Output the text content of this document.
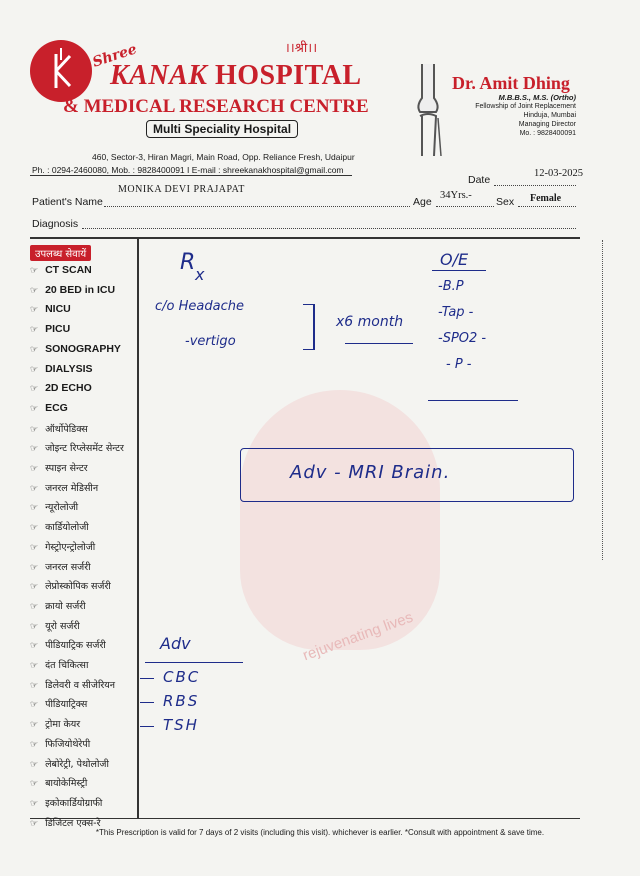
rejuvenating lives
।।श्री।।
Shree
KANAK HOSPITAL
& MEDICAL RESEARCH CENTRE
Multi Speciality Hospital
460, Sector-3, Hiran Magri, Main Road, Opp. Reliance Fresh, Udaipur
Ph. : 0294-2460080, Mob. : 9828400091 I E-mail : shreekanakhospital@gmail.com
Dr. Amit Dhing
M.B.B.S., M.S. (Ortho)
Fellowship of Joint Replacement
Hinduja, Mumbai
Managing Director
Mo. : 9828400091
Date
12-03-2025
MONIKA DEVI PRAJAPAT
Patient's Name	Age
34Yrs.-
Sex Female
Diagnosis
उपलब्ध सेवायें
☞ CT SCAN
☞ 20 BED in ICU
☞ NICU
☞ PICU
☞ SONOGRAPHY
☞ DIALYSIS
☞ 2D ECHO
☞ ECG
☞ ऑर्थोपेडिक्स
☞ जोइन्ट रिप्लेसमेंट सेन्टर
☞ स्पाइन सेन्टर
☞ जनरल मेडिसीन
☞ न्यूरोलोजी
☞ कार्डियोलोजी
☞ गेस्ट्रोएन्ट्रोलोजी
☞ जनरल सर्जरी
☞ लेप्रोस्कोपिक सर्जरी
☞ क्रायो सर्जरी
☞ यूरो सर्जरी
☞ पीडियाट्रिक सर्जरी
☞ दंत चिकित्सा
☞ डिलेवरी व सीजेरियन
☞ पीडियाट्रिक्स
☞ ट्रोमा केयर
☞ फिजियोथेरेपी
☞ लेबोरेट्री, पेथोलोजी
☞ बायोकेमिस्ट्री
☞ इकोकार्डियोग्राफी
☞ डिजिटल एक्स-रे
R x
c/o Headache
-vertigo
x6 month
O/E
-B.P
-Tap -
-SPO2 -
- P -
Adv - MRI Brain.
Adv
CBC
RBS
TSH
*This Prescription is valid for 7 days of 2 visits (including this visit). whichever is earlier. *Consult with appointment & save time.
